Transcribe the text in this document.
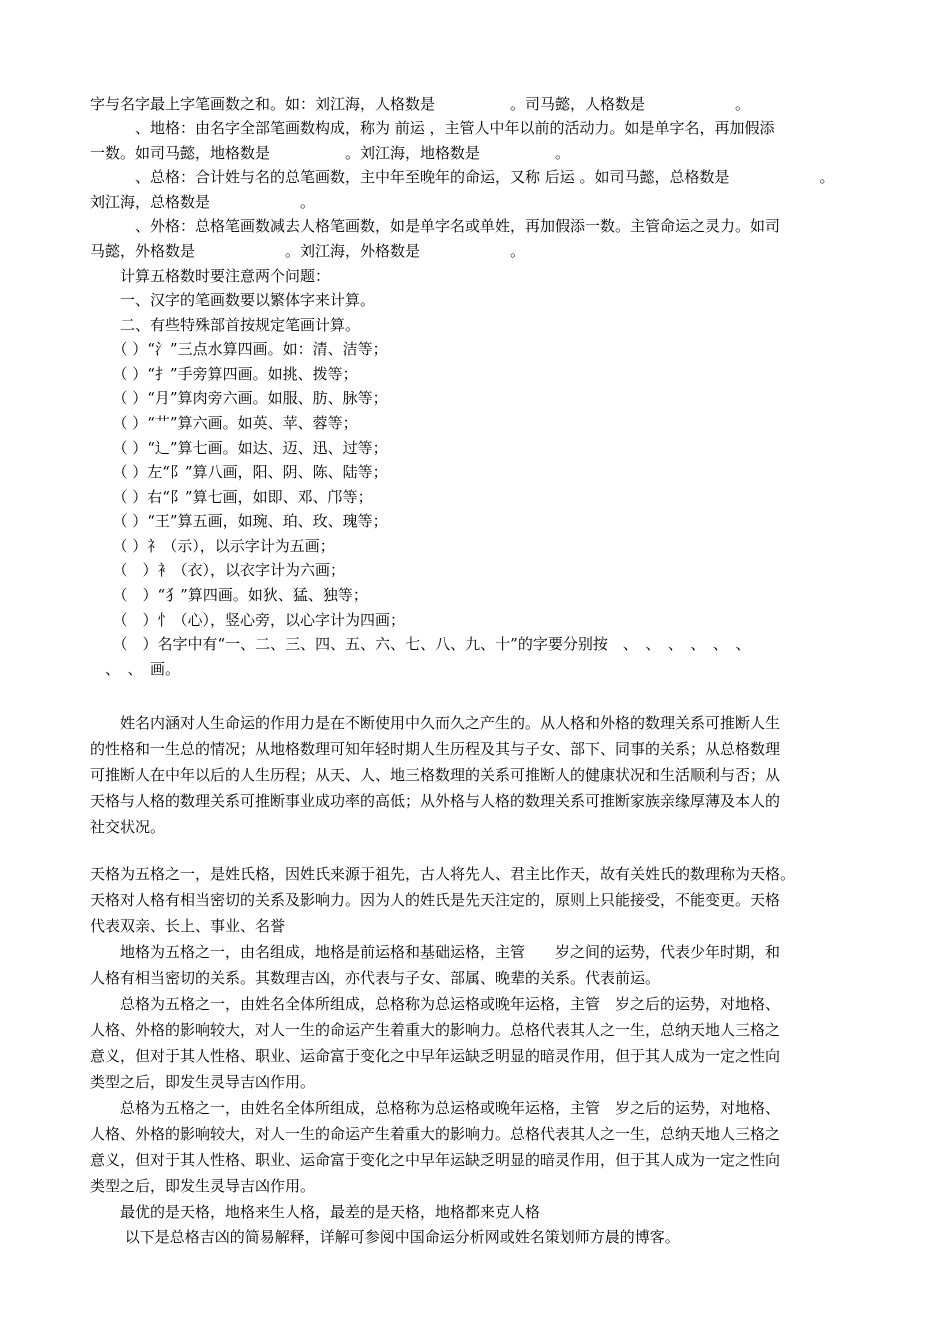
字与名字最上字笔画数之和。如：刘江海，人格数是　　　　　。司马懿，人格数是　　　　　　。
　　　、地格：由名字全部笔画数构成，称为 前运 ，主管人中年以前的活动力。如是单字名，再加假添
一数。如司马懿，地格数是　　　　　。刘江海，地格数是　　　　　。
　　　、总格：合计姓与名的总笔画数，主中年至晚年的命运，又称 后运 。如司马懿，总格数是　　　　　　。
刘江海，总格数是　　　　　　。
　　　、外格：总格笔画数减去人格笔画数，如是单字名或单姓，再加假添一数。主管命运之灵力。如司
马懿，外格数是　　　　　　。刘江海，外格数是　　　　　　。
　　计算五格数时要注意两个问题：
　　一、汉字的笔画数要以繁体字来计算。
　　二、有些特殊部首按规定笔画计算。
　　（ ）“氵”三点水算四画。如：清、洁等；
　　（ ）“扌”手旁算四画。如挑、拨等；
　　（ ）“月”算肉旁六画。如服、肪、脉等；
　　（ ）“艹”算六画。如英、苹、蓉等；
　　（ ）“辶”算七画。如达、迈、迅、过等；
　　（ ）左“阝”算八画，阳、阴、陈、陆等；
　　（ ）右“阝”算七画，如即、邓、邝等；
　　（ ）“王”算五画，如琬、珀、玫、瑰等；
　　（ ）礻（示），以示字计为五画；
　　（　）衤（衣），以衣字计为六画；
　　（　）“犭”算四画。如狄、猛、独等；
　　（　）忄（心），竖心旁，以心字计为四画；
　　（　）名字中有“一、二、三、四、五、六、七、八、九、十”的字要分别按　、　、　、　、　、　、
　、　、　画。
　　姓名内涵对人生命运的作用力是在不断使用中久而久之产生的。从人格和外格的数理关系可推断人生
的性格和一生总的情况；从地格数理可知年轻时期人生历程及其与子女、部下、同事的关系；从总格数理
可推断人在中年以后的人生历程；从天、人、地三格数理的关系可推断人的健康状况和生活顺利与否；从
天格与人格的数理关系可推断事业成功率的高低；从外格与人格的数理关系可推断家族亲缘厚薄及本人的
社交状况。
天格为五格之一，是姓氏格，因姓氏来源于祖先，古人将先人、君主比作天，故有关姓氏的数理称为天格。
天格对人格有相当密切的关系及影响力。因为人的姓氏是先天注定的，原则上只能接受，不能变更。天格
代表双亲、长上、事业、名誉
　　地格为五格之一，由名组成，地格是前运格和基础运格，主管　　岁之间的运势，代表少年时期，和
人格有相当密切的关系。其数理吉凶，亦代表与子女、部属、晚辈的关系。代表前运。
　　总格为五格之一，由姓名全体所组成，总格称为总运格或晚年运格，主管　岁之后的运势，对地格、
人格、外格的影响较大，对人一生的命运产生着重大的影响力。总格代表其人之一生，总纳天地人三格之
意义，但对于其人性格、职业、运命富于变化之中早年运缺乏明显的暗灵作用，但于其人成为一定之性向
类型之后，即发生灵导吉凶作用。
　　总格为五格之一，由姓名全体所组成，总格称为总运格或晚年运格，主管　岁之后的运势，对地格、
人格、外格的影响较大，对人一生的命运产生着重大的影响力。总格代表其人之一生，总纳天地人三格之
意义，但对于其人性格、职业、运命富于变化之中早年运缺乏明显的暗灵作用，但于其人成为一定之性向
类型之后，即发生灵导吉凶作用。
　　最优的是天格，地格来生人格，最差的是天格，地格都来克人格
　　 以下是总格吉凶的简易解释，详解可参阅中国命运分析网或姓名策划师方晨的博客。
